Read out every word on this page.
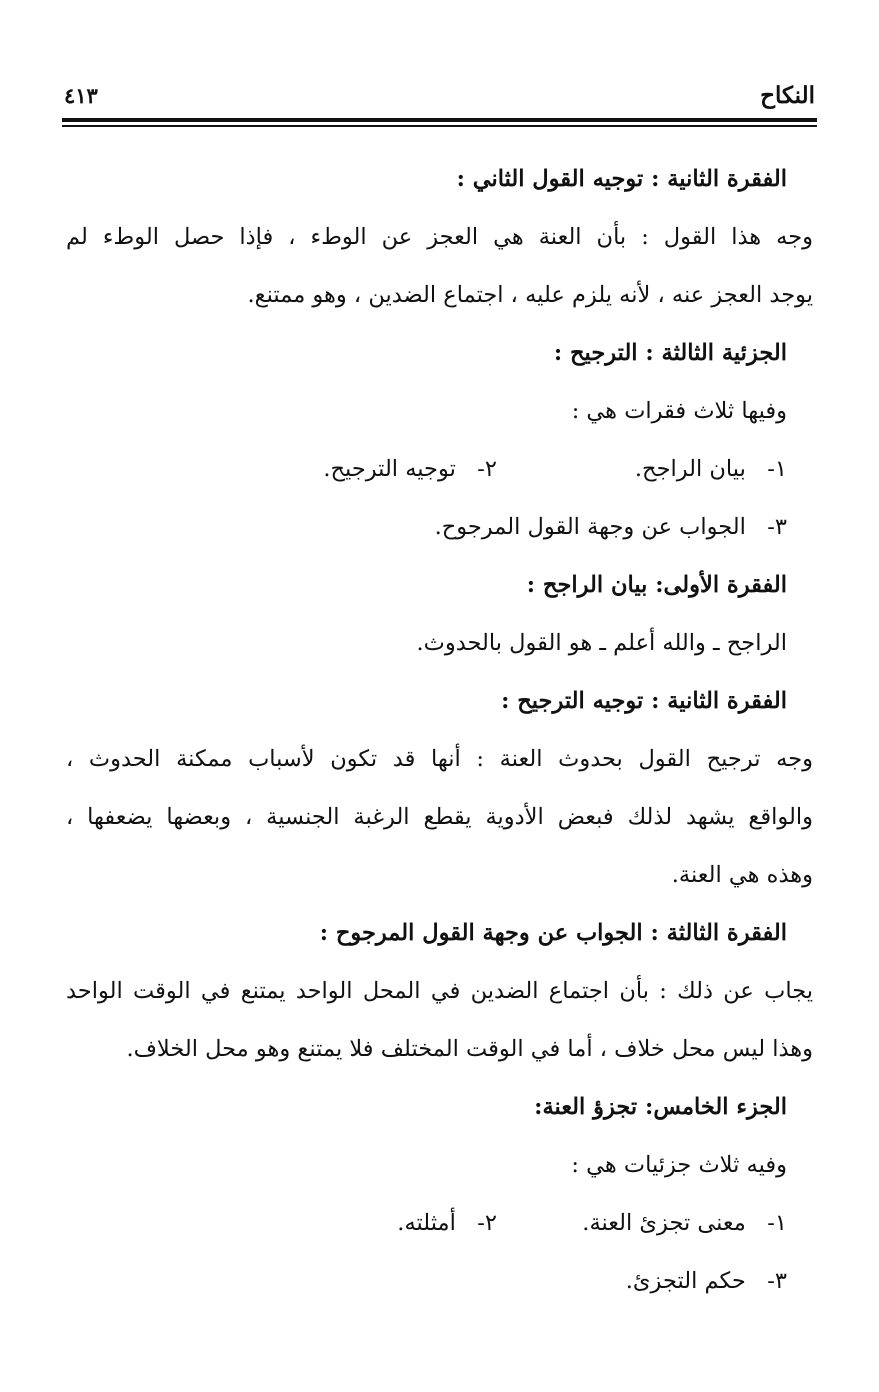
النكاح
٤١٣
الفقرة الثانية : توجيه القول الثاني :
وجه هذا القول : بأن العنة هي العجز عن الوطء ، فإذا حصل الوطء لم
يوجد العجز عنه ، لأنه يلزم عليه ، اجتماع الضدين ، وهو ممتنع.
الجزئية الثالثة : الترجيح :
وفيها ثلاث فقرات هي :
١- بيان الراجح.
٢- توجيه الترجيح.
٣- الجواب عن وجهة القول المرجوح.
الفقرة الأولى: بيان الراجح :
الراجح ـ والله أعلم ـ هو القول بالحدوث.
الفقرة الثانية : توجيه الترجيح :
وجه ترجيح القول بحدوث العنة : أنها قد تكون لأسباب ممكنة الحدوث ،
والواقع يشهد لذلك فبعض الأدوية يقطع الرغبة الجنسية ، وبعضها يضعفها ،
وهذه هي العنة.
الفقرة الثالثة : الجواب عن وجهة القول المرجوح :
يجاب عن ذلك : بأن اجتماع الضدين في المحل الواحد يمتنع في الوقت الواحد
وهذا ليس محل خلاف ، أما في الوقت المختلف فلا يمتنع وهو محل الخلاف.
الجزء الخامس: تجزؤ العنة:
وفيه ثلاث جزئيات هي :
١- معنى تجزئ العنة.
٢- أمثلته.
٣- حكم التجزئ.
